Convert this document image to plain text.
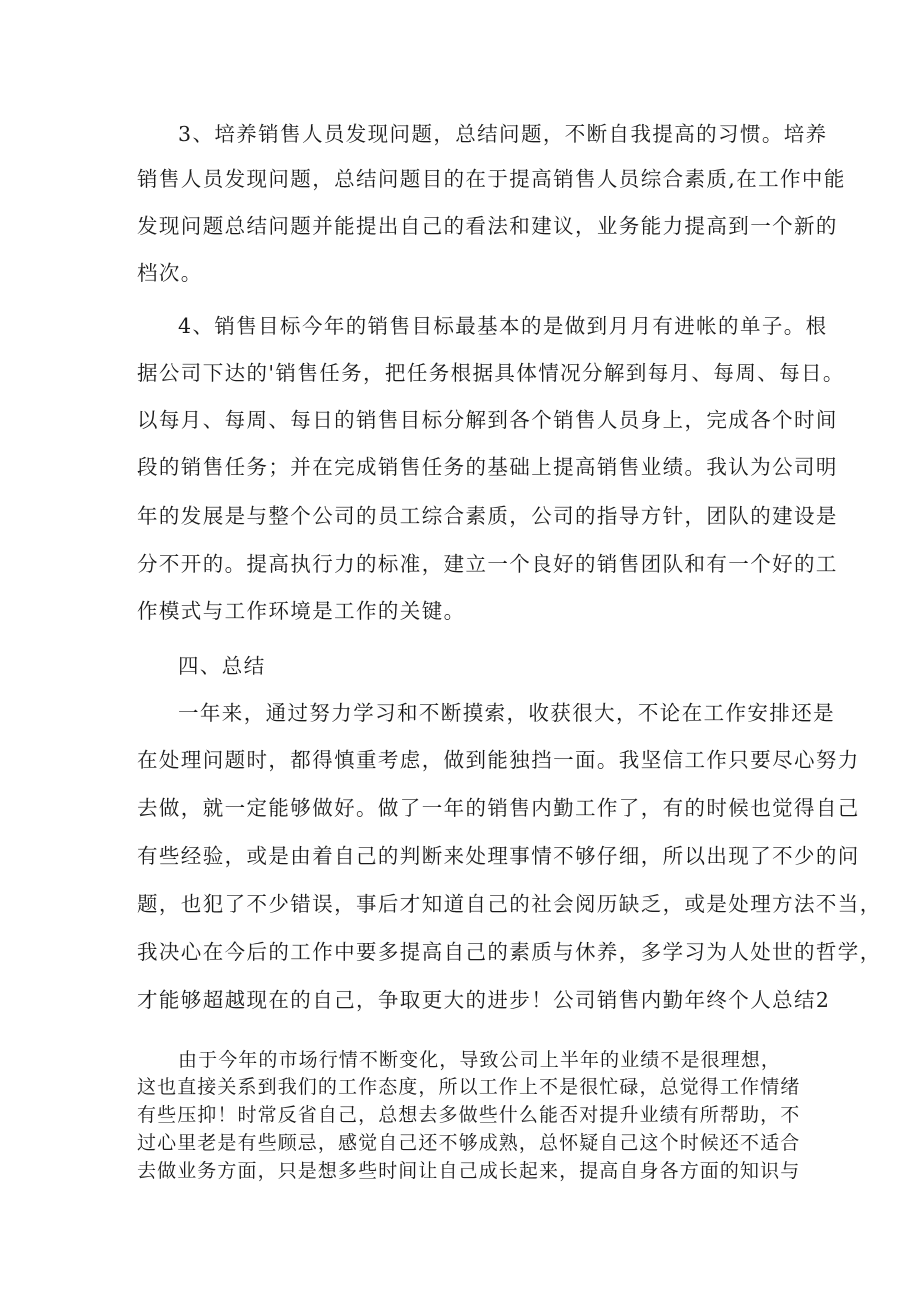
3、培养销售人员发现问题，总结问题，不断自我提高的习惯。培养
销售人员发现问题，总结问题目的在于提高销售人员综合素质,在工作中能
发现问题总结问题并能提出自己的看法和建议，业务能力提高到一个新的
档次。
4、销售目标今年的销售目标最基本的是做到月月有进帐的单子。根
据公司下达的'销售任务，把任务根据具体情况分解到每月、每周、每日。
以每月、每周、每日的销售目标分解到各个销售人员身上，完成各个时间
段的销售任务；并在完成销售任务的基础上提高销售业绩。我认为公司明
年的发展是与整个公司的员工综合素质，公司的指导方针，团队的建设是
分不开的。提高执行力的标准，建立一个良好的销售团队和有一个好的工
作模式与工作环境是工作的关键。
四、总结
一年来，通过努力学习和不断摸索，收获很大，不论在工作安排还是
在处理问题时，都得慎重考虑，做到能独挡一面。我坚信工作只要尽心努力
去做，就一定能够做好。做了一年的销售内勤工作了，有的时候也觉得自己
有些经验，或是由着自己的判断来处理事情不够仔细，所以出现了不少的问
题，也犯了不少错误，事后才知道自己的社会阅历缺乏，或是处理方法不当，
我决心在今后的工作中要多提高自己的素质与休养，多学习为人处世的哲学，
才能够超越现在的自己，争取更大的进步！公司销售内勤年终个人总结2
由于今年的市场行情不断变化，导致公司上半年的业绩不是很理想，
这也直接关系到我们的工作态度，所以工作上不是很忙碌，总觉得工作情绪
有些压抑！时常反省自己，总想去多做些什么能否对提升业绩有所帮助，不
过心里老是有些顾忌，感觉自己还不够成熟，总怀疑自己这个时候还不适合
去做业务方面，只是想多些时间让自己成长起来，提高自身各方面的知识与
